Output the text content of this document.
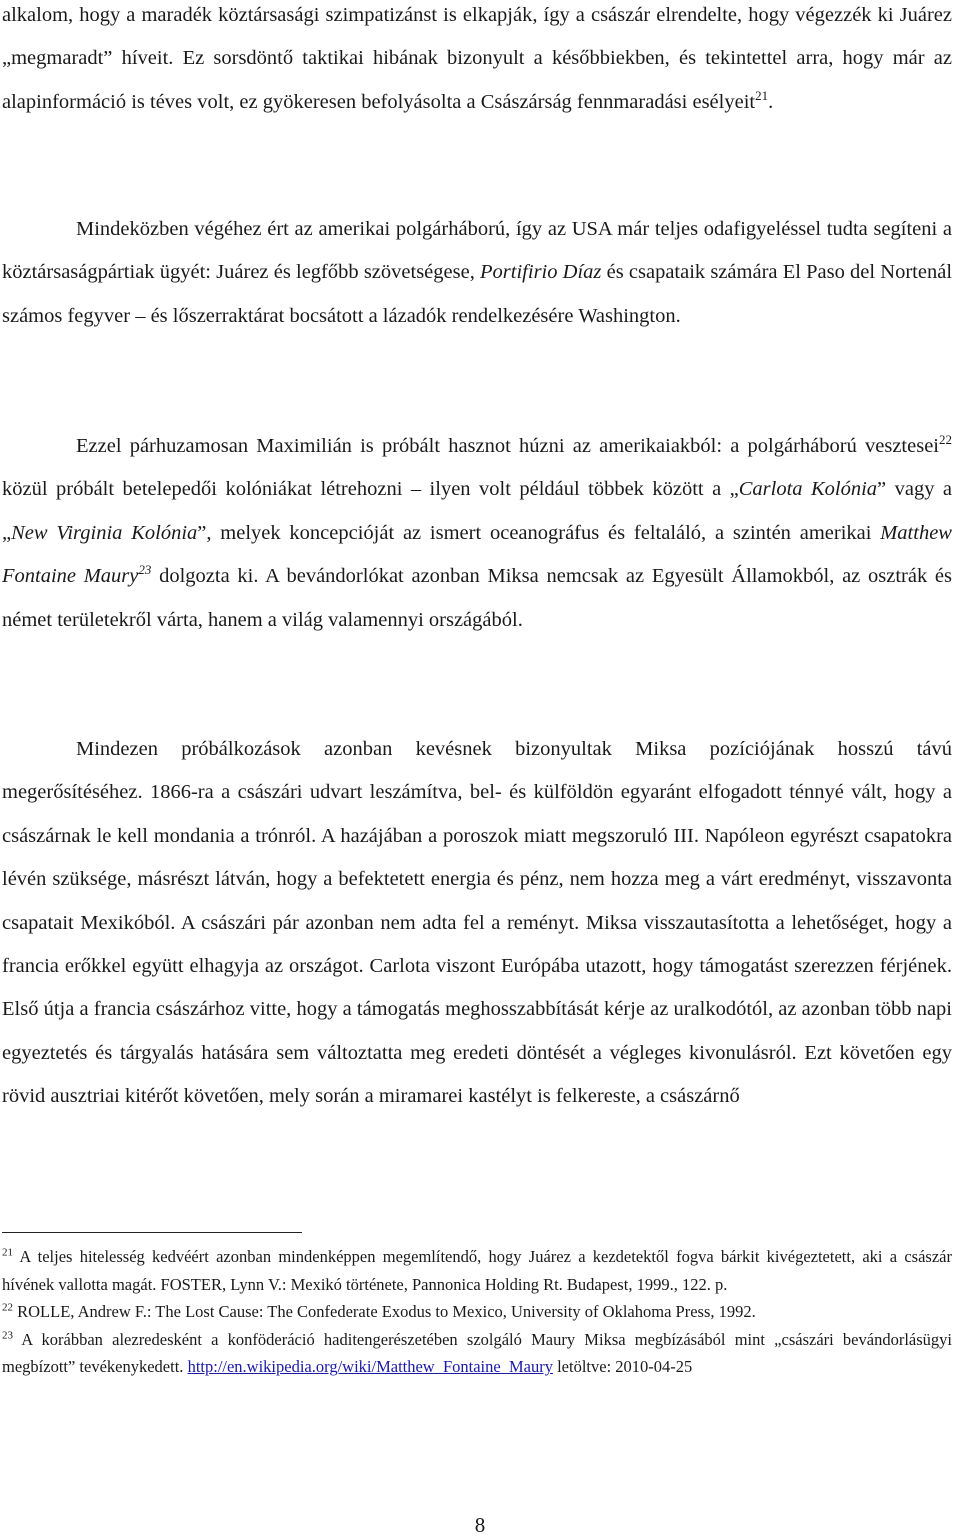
alkalom, hogy a maradék köztársasági szimpatizánst is elkapják, így a császár elrendelte, hogy végezzék ki Juárez „megmaradt” híveit. Ez sorsdöntő taktikai hibának bizonyult a későbbiekben, és tekintettel arra, hogy már az alapinformáció is téves volt, ez gyökeresen befolyásolta a Császárság fennmaradási esélyeit$^{21}$.

Mindeközben végéhez ért az amerikai polgárháború, így az USA már teljes odafigyeléssel tudta segíteni a köztársaságpártiak ügyét: Juárez és legfőbb szövetségese, Portifirio Díaz és csapataik számára El Paso del Nortenál számos fegyver – és lőszerraktárat bocsátott a lázadók rendelkezésére Washington.

Ezzel párhuzamosan Maximilián is próbált hasznot húzni az amerikaiakból: a polgárháború vesztesei$^{22}$ közül próbált betelepedői kolóniákat létrehozni – ilyen volt például többek között a „Carlota Kolónia” vagy a „New Virginia Kolónia”, melyek koncepcióját az ismert oceanográfus és feltaláló, a szintén amerikai Matthew Fontaine Maury$^{23}$ dolgozta ki. A bevándorlókat azonban Miksa nemcsak az Egyesült Államokból, az osztrák és német területekről várta, hanem a világ valamennyi országából.

Mindezen próbálkozások azonban kevésnek bizonyultak Miksa pozíciójának hosszú távú megerősítéséhez. 1866-ra a császári udvart leszámítva, bel- és külföldön egyaránt elfogadott ténnyé vált, hogy a császárnak le kell mondania a trónról. A hazájában a poroszok miatt megszoruló III. Napóleon egyrészt csapatokra lévén szüksége, másrészt látván, hogy a befektetett energia és pénz, nem hozza meg a várt eredményt, visszavonta csapatait Mexikóból. A császári pár azonban nem adta fel a reményt. Miksa visszautasította a lehetőséget, hogy a francia erőkkel együtt elhagyja az országot. Carlota viszont Európába utazott, hogy támogatást szerezzen férjének. Első útja a francia császárhoz vitte, hogy a támogatás meghosszabbítását kérje az uralkodótól, az azonban több napi egyeztetés és tárgyalás hatására sem változtatta meg eredeti döntését a végleges kivonulásról. Ezt követően egy rövid ausztriai kitérőt követően, mely során a miramarei kastélyt is felkereste, a császárnő

$^{21}$ A teljes hitelesség kedvéért azonban mindenképpen megemlítendő, hogy Juárez a kezdetektől fogva bárkit kivégeztetett, aki a császár hívének vallotta magát. FOSTER, Lynn V.: Mexikó története, Pannonica Holding Rt. Budapest, 1999., 122. p.

$^{22}$ ROLLE, Andrew F.: The Lost Cause: The Confederate Exodus to Mexico, University of Oklahoma Press, 1992.

$^{23}$ A korábban alezredesként a konföderáció haditengerészetében szolgáló Maury Miksa megbízásából mint „császári bevándorlásügyi megbízott” tevékenykedett. http://en.wikipedia.org/wiki/Matthew_Fontaine_Maury letöltve: 2010-04-25

8
